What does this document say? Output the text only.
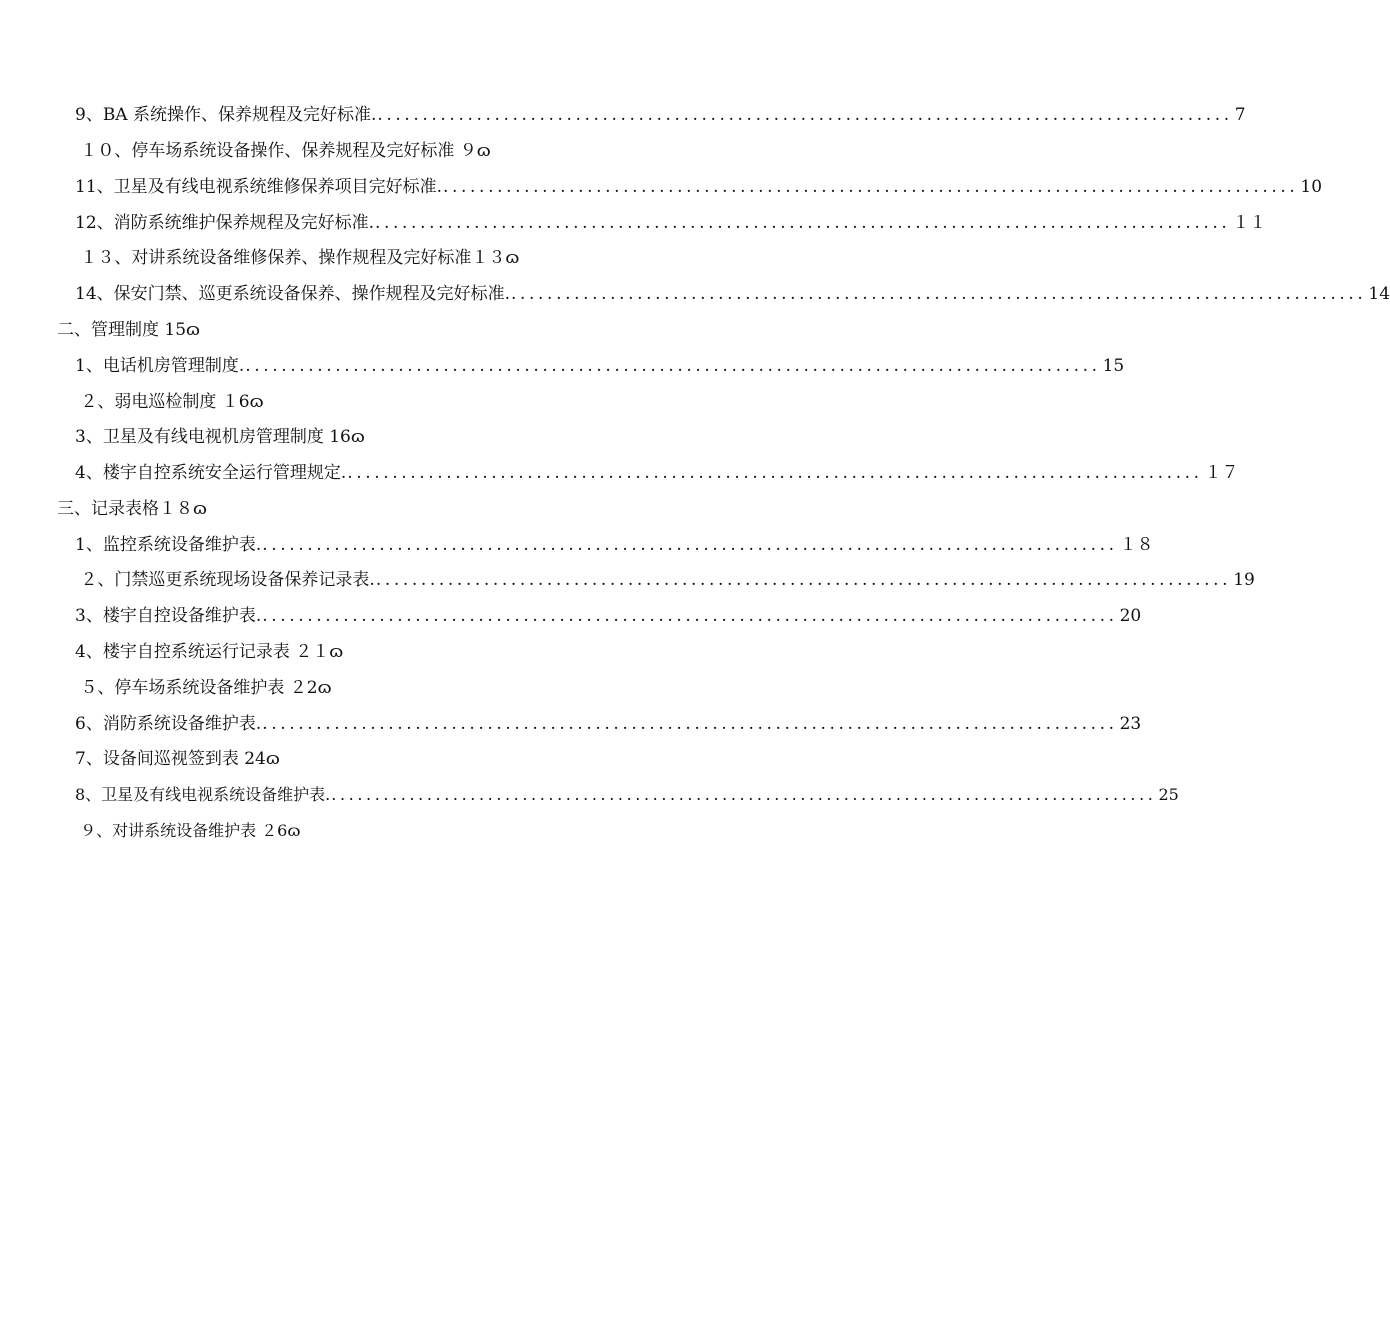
9、BA 系统操作、保养规程及完好标准. ............................................................................................... 7
１０、停车场系统设备操作、保养规程及完好标准 ９ɷ
11、卫星及有线电视系统维修保养项目完好标准. ............................................................................................... 10
12、消防系统维护保养规程及完好标准. ............................................................................................... １１
１３、对讲系统设备维修保养、操作规程及完好标准１３ɷ
14、保安门禁、巡更系统设备保养、操作规程及完好标准. ............................................................................................... 14
二、管理制度 15ɷ
1、电话机房管理制度. ............................................................................................... 15
２、弱电巡检制度 １6ɷ
3、卫星及有线电视机房管理制度 16ɷ
4、楼宇自控系统安全运行管理规定. ............................................................................................... １７
三、记录表格１８ɷ
1、监控系统设备维护表. ............................................................................................... １８
２、门禁巡更系统现场设备保养记录表. ............................................................................................... 19
3、楼宇自控设备维护表. ............................................................................................... 20
4、楼宇自控系统运行记录表 ２１ɷ
５、停车场系统设备维护表 ２2ɷ
6、消防系统设备维护表. ............................................................................................... 23
7、设备间巡视签到表 24ɷ
8、卫星及有线电视系统设备维护表. ............................................................................................... 25
９、对讲系统设备维护表 ２6ɷ
